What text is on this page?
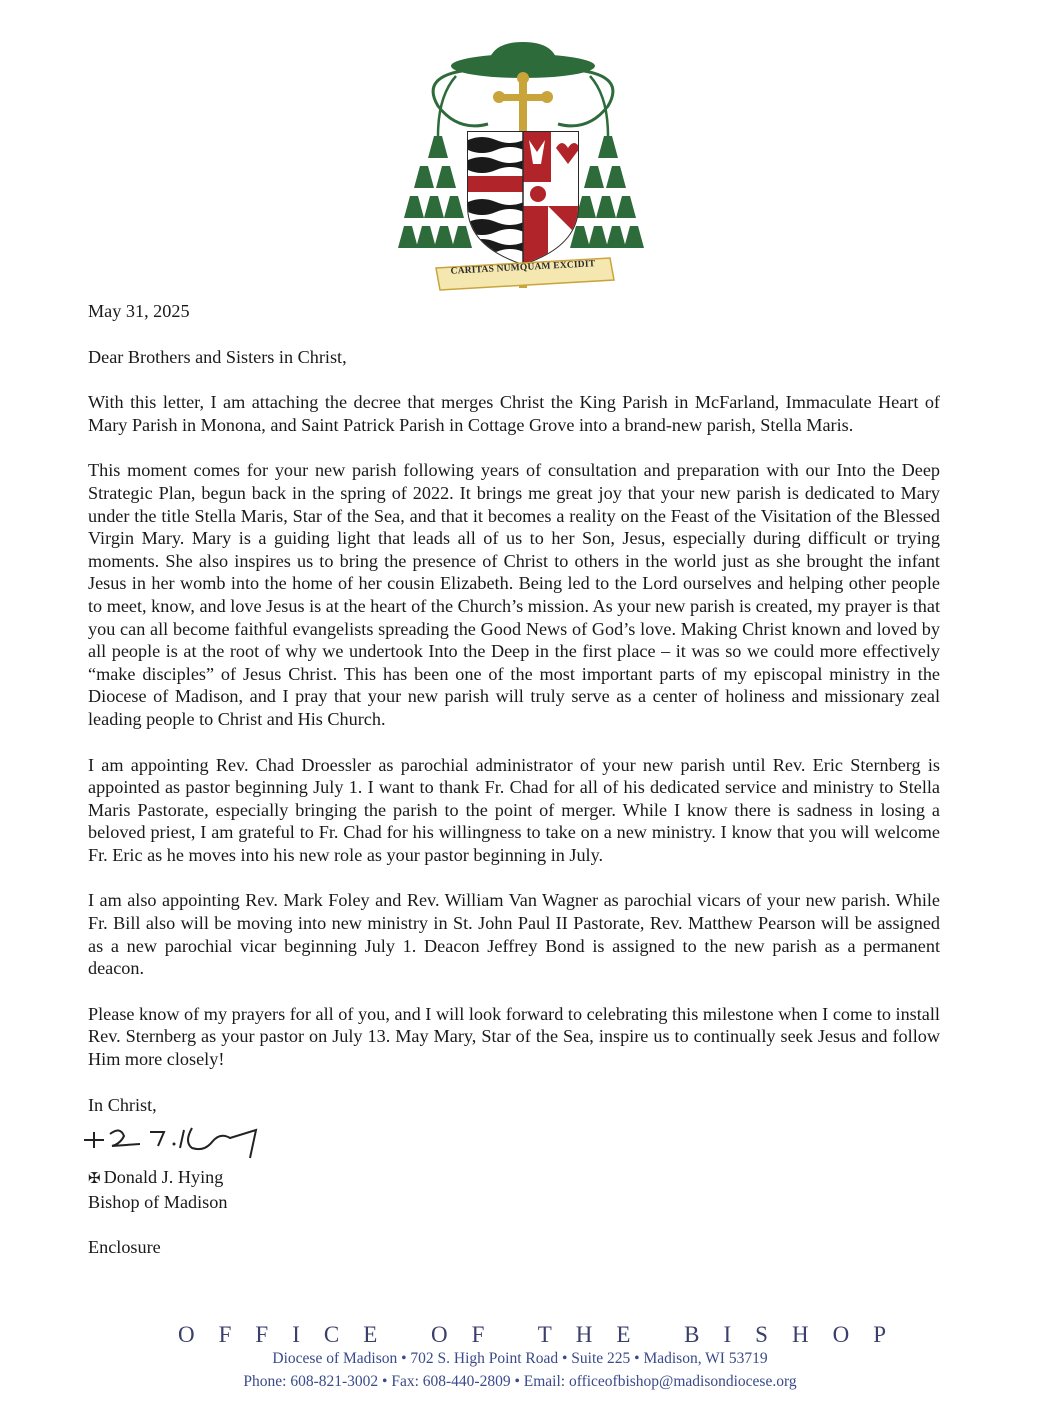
CARITAS NUMQUAM EXCIDIT

May 31, 2025

Dear Brothers and Sisters in Christ,

With this letter, I am attaching the decree that merges Christ the King Parish in McFarland, Immaculate Heart of Mary Parish in Monona, and Saint Patrick Parish in Cottage Grove into a brand-new parish, Stella Maris.

This moment comes for your new parish following years of consultation and preparation with our Into the Deep Strategic Plan, begun back in the spring of 2022. It brings me great joy that your new parish is dedicated to Mary under the title Stella Maris, Star of the Sea, and that it becomes a reality on the Feast of the Visitation of the Blessed Virgin Mary. Mary is a guiding light that leads all of us to her Son, Jesus, especially during difficult or trying moments. She also inspires us to bring the presence of Christ to others in the world just as she brought the infant Jesus in her womb into the home of her cousin Elizabeth. Being led to the Lord ourselves and helping other people to meet, know, and love Jesus is at the heart of the Church’s mission. As your new parish is created, my prayer is that you can all become faithful evangelists spreading the Good News of God’s love. Making Christ known and loved by all people is at the root of why we undertook Into the Deep in the first place – it was so we could more effectively “make disciples” of Jesus Christ. This has been one of the most important parts of my episcopal ministry in the Diocese of Madison, and I pray that your new parish will truly serve as a center of holiness and missionary zeal leading people to Christ and His Church.

I am appointing Rev. Chad Droessler as parochial administrator of your new parish until Rev. Eric Sternberg is appointed as pastor beginning July 1. I want to thank Fr. Chad for all of his dedicated service and ministry to Stella Maris Pastorate, especially bringing the parish to the point of merger. While I know there is sadness in losing a beloved priest, I am grateful to Fr. Chad for his willingness to take on a new ministry. I know that you will welcome Fr. Eric as he moves into his new role as your pastor beginning in July.

I am also appointing Rev. Mark Foley and Rev. William Van Wagner as parochial vicars of your new parish. While Fr. Bill also will be moving into new ministry in St. John Paul II Pastorate, Rev. Matthew Pearson will be assigned as a new parochial vicar beginning July 1. Deacon Jeffrey Bond is assigned to the new parish as a permanent deacon.

Please know of my prayers for all of you, and I will look forward to celebrating this milestone when I come to install Rev. Sternberg as your pastor on July 13. May Mary, Star of the Sea, inspire us to continually seek Jesus and follow Him more closely!

In Christ,

✠ Donald J. Hying

Bishop of Madison

Enclosure

OFFICE OF THE BISHOP
Diocese of Madison • 702 S. High Point Road • Suite 225 • Madison, WI 53719
Phone: 608-821-3002 • Fax: 608-440-2809 • Email: officeofbishop@madisondiocese.org
